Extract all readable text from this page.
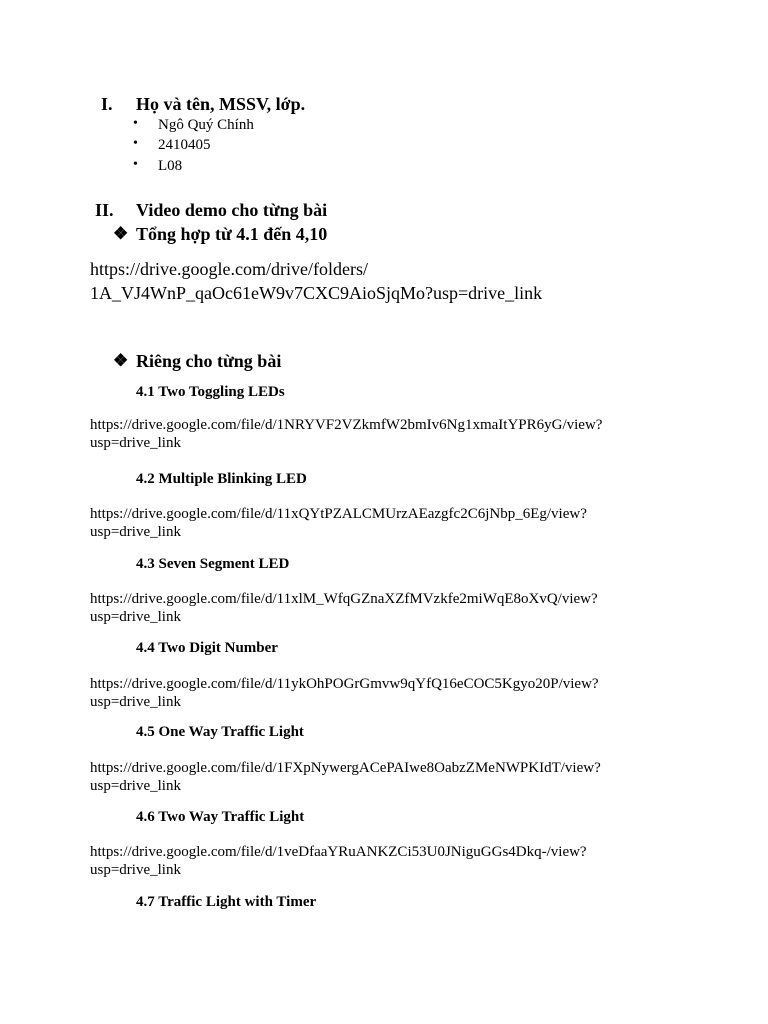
I. Họ và tên, MSSV, lớp.
• Ngô Quý Chính
• 2410405
• L08
II. Video demo cho từng bài
❖ Tổng hợp từ 4.1 đến 4,10
https://drive.google.com/drive/folders/
1A_VJ4WnP_qaOc61eW9v7CXC9AioSjqMo?usp=drive_link
❖ Riêng cho từng bài
4.1 Two Toggling LEDs
https://drive.google.com/file/d/1NRYVF2VZkmfW2bmIv6Ng1xmaItYPR6yG/view?
usp=drive_link
4.2 Multiple Blinking LED
https://drive.google.com/file/d/11xQYtPZALCMUrzAEazgfc2C6jNbp_6Eg/view?
usp=drive_link
4.3 Seven Segment LED
https://drive.google.com/file/d/11xlM_WfqGZnaXZfMVzkfe2miWqE8oXvQ/view?
usp=drive_link
4.4 Two Digit Number
https://drive.google.com/file/d/11ykOhPOGrGmvw9qYfQ16eCOC5Kgyo20P/view?
usp=drive_link
4.5 One Way Traffic Light
https://drive.google.com/file/d/1FXpNywergACePAIwe8OabzZMeNWPKIdT/view?
usp=drive_link
4.6 Two Way Traffic Light
https://drive.google.com/file/d/1veDfaaYRuANKZCi53U0JNiguGGs4Dkq-/view?
usp=drive_link
4.7 Traffic Light with Timer
